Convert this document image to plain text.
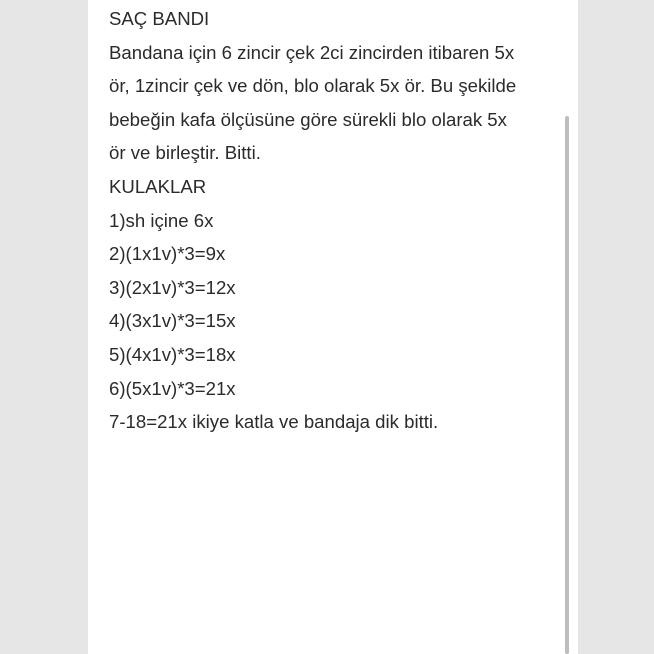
SAÇ BANDI
Bandana için 6 zincir çek 2ci zincirden itibaren 5x
ör, 1zincir çek ve dön, blo olarak 5x ör. Bu şekilde
bebeğin kafa ölçüsüne göre sürekli blo olarak 5x
ör ve birleştir. Bitti.
KULAKLAR
1)sh içine 6x
2)(1x1v)*3=9x
3)(2x1v)*3=12x
4)(3x1v)*3=15x
5)(4x1v)*3=18x
6)(5x1v)*3=21x
7-18=21x ikiye katla ve bandaja dik bitti.
